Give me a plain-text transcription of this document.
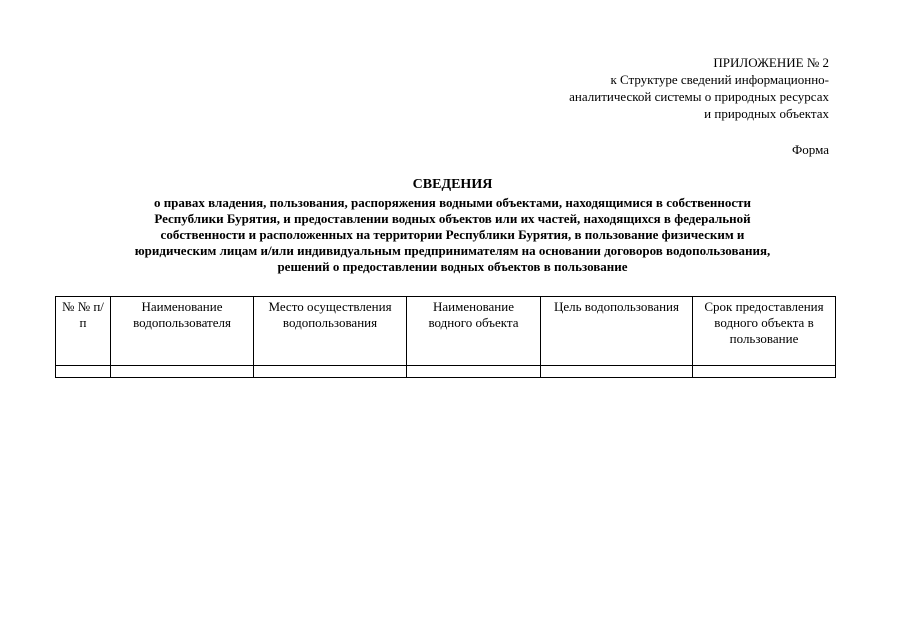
ПРИЛОЖЕНИЕ № 2
к Структуре сведений информационно-
аналитической системы о природных ресурсах
и природных объектах
Форма
СВЕДЕНИЯ
о правах владения, пользования, распоряжения водными объектами, находящимися в собственности
Республики Бурятия, и предоставлении водных объектов или их частей, находящихся в федеральной
собственности и расположенных на территории Республики Бурятия, в пользование физическим и
юридическим лицам и/или индивидуальным предпринимателям на основании договоров водопользования,
решений о предоставлении водных объектов в пользование
№ № п/п	Наименование водопользователя	Место осуществления водопользования	Наименование водного объекта	Цель водопользования	Срок предоставления водного объекта в пользование
